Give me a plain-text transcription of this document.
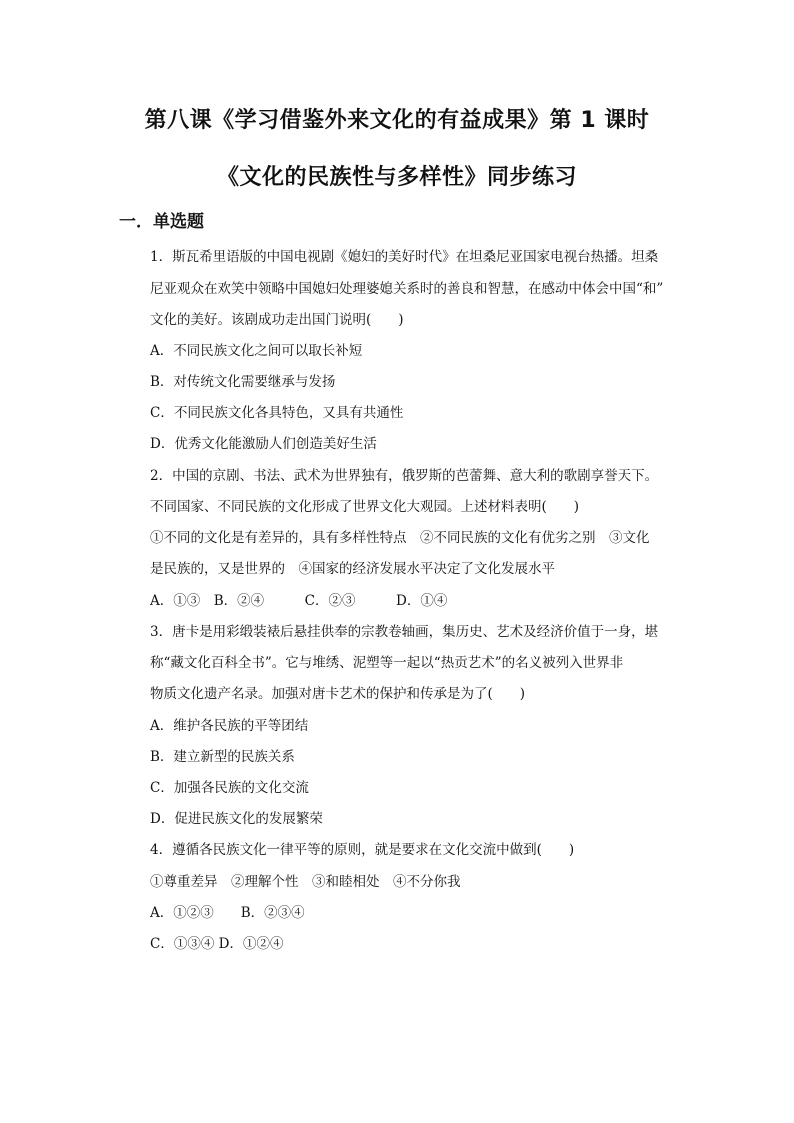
第八课《学习借鉴外来文化的有益成果》第 1 课时
《文化的民族性与多样性》同步练习
一．单选题
1．斯瓦希里语版的中国电视剧《媳妇的美好时代》在坦桑尼亚国家电视台热播。坦桑
尼亚观众在欢笑中领略中国媳妇处理婆媳关系时的善良和智慧，在感动中体会中国“和”
文化的美好。该剧成功走出国门说明(　　)
A．不同民族文化之间可以取长补短
B．对传统文化需要继承与发扬
C．不同民族文化各具特色，又具有共通性
D．优秀文化能激励人们创造美好生活
2．中国的京剧、书法、武术为世界独有，俄罗斯的芭蕾舞、意大利的歌剧享誉天下。
不同国家、不同民族的文化形成了世界文化大观园。上述材料表明(　　)
①不同的文化是有差异的，具有多样性特点　②不同民族的文化有优劣之别　③文化
是民族的，又是世界的　④国家的经济发展水平决定了文化发展水平
A．①③　B．②④　　　C．②③　　　D．①④
3．唐卡是用彩缎装裱后悬挂供奉的宗教卷轴画，集历史、艺术及经济价值于一身，堪
称“藏文化百科全书”。它与堆绣、泥塑等一起以“热贡艺术”的名义被列入世界非
物质文化遗产名录。加强对唐卡艺术的保护和传承是为了(　　)
A．维护各民族的平等团结
B．建立新型的民族关系
C．加强各民族的文化交流
D．促进民族文化的发展繁荣
4．遵循各民族文化一律平等的原则，就是要求在文化交流中做到(　　)
①尊重差异　②理解个性　③和睦相处　④不分你我
A．①②③　　B．②③④
C．①③④ D．①②④
